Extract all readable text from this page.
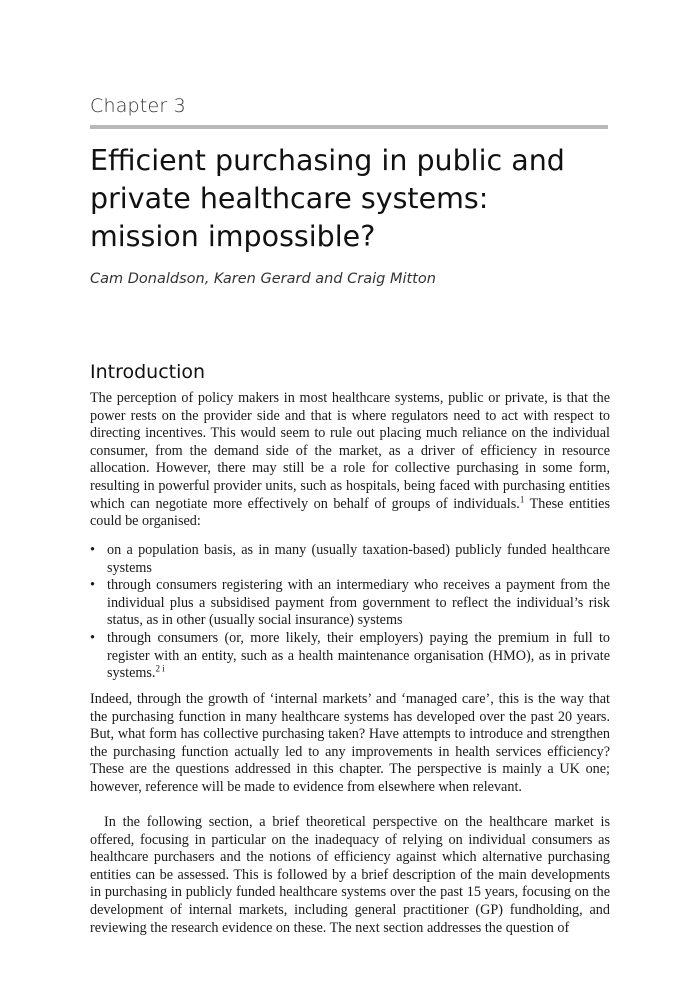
Chapter 3
Efficient purchasing in public and
private healthcare systems:
mission impossible?
Cam Donaldson, Karen Gerard and Craig Mitton
Introduction

The perception of policy makers in most healthcare systems, public or private, is that the power rests on the provider side and that is where regulators need to act with respect to directing incentives. This would seem to rule out placing much reliance on the individual consumer, from the demand side of the market, as a driver of efficiency in resource allocation. However, there may still be a role for collective purchasing in some form, resulting in powerful provider units, such as hospitals, being faced with purchasing entities which can negotiate more effectively on behalf of groups of individuals.$^1$ These entities could be organised:

• on a population basis, as in many (usually taxation-based) publicly funded healthcare systems
• through consumers registering with an intermediary who receives a payment from the individual plus a subsidised payment from government to reflect the individual’s risk status, as in other (usually social insurance) systems
• through consumers (or, more likely, their employers) paying the premium in full to register with an entity, such as a health maintenance organisation (HMO), as in private systems.$^{2 i}$

Indeed, through the growth of ‘internal markets’ and ‘managed care’, this is the way that the purchasing function in many healthcare systems has developed over the past 20 years. But, what form has collective purchasing taken? Have attempts to introduce and strengthen the purchasing function actually led to any improvements in health services efficiency? These are the questions addressed in this chapter. The perspective is mainly a UK one; however, reference will be made to evidence from elsewhere when relevant.

In the following section, a brief theoretical perspective on the healthcare market is offered, focusing in particular on the inadequacy of relying on individual consumers as healthcare purchasers and the notions of efficiency against which alternative purchasing entities can be assessed. This is followed by a brief description of the main developments in purchasing in publicly funded healthcare systems over the past 15 years, focusing on the development of internal markets, including general practitioner (GP) fundholding, and reviewing the research evidence on these. The next section addresses the question of
